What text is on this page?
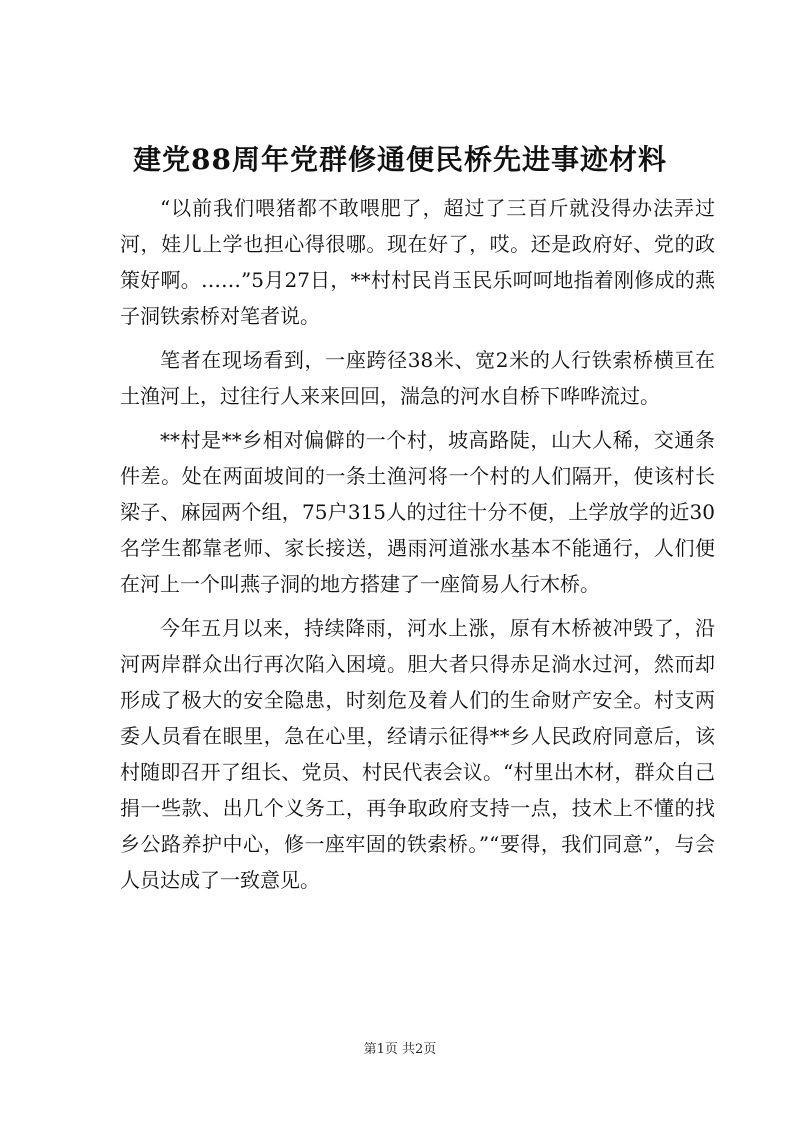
建党88周年党群修通便民桥先进事迹材料

“以前我们喂猪都不敢喂肥了，超过了三百斤就没得办法弄过河，娃儿上学也担心得很哪。现在好了，哎。还是政府好、党的政策好啊。……”5月27日，**村村民肖玉民乐呵呵地指着刚修成的燕子洞铁索桥对笔者说。

笔者在现场看到，一座跨径38米、宽2米的人行铁索桥横亘在土渔河上，过往行人来来回回，湍急的河水自桥下哗哗流过。

**村是**乡相对偏僻的一个村，坡高路陡，山大人稀，交通条件差。处在两面坡间的一条土渔河将一个村的人们隔开，使该村长梁子、麻园两个组，75户315人的过往十分不便，上学放学的近30名学生都靠老师、家长接送，遇雨河道涨水基本不能通行，人们便在河上一个叫燕子洞的地方搭建了一座简易人行木桥。

今年五月以来，持续降雨，河水上涨，原有木桥被冲毁了，沿河两岸群众出行再次陷入困境。胆大者只得赤足淌水过河，然而却形成了极大的安全隐患，时刻危及着人们的生命财产安全。村支两委人员看在眼里，急在心里，经请示征得**乡人民政府同意后，该村随即召开了组长、党员、村民代表会议。“村里出木材，群众自己捐一些款、出几个义务工，再争取政府支持一点，技术上不懂的找乡公路养护中心，修一座牢固的铁索桥。”“要得，我们同意”，与会人员达成了一致意见。

第1页 共2页
